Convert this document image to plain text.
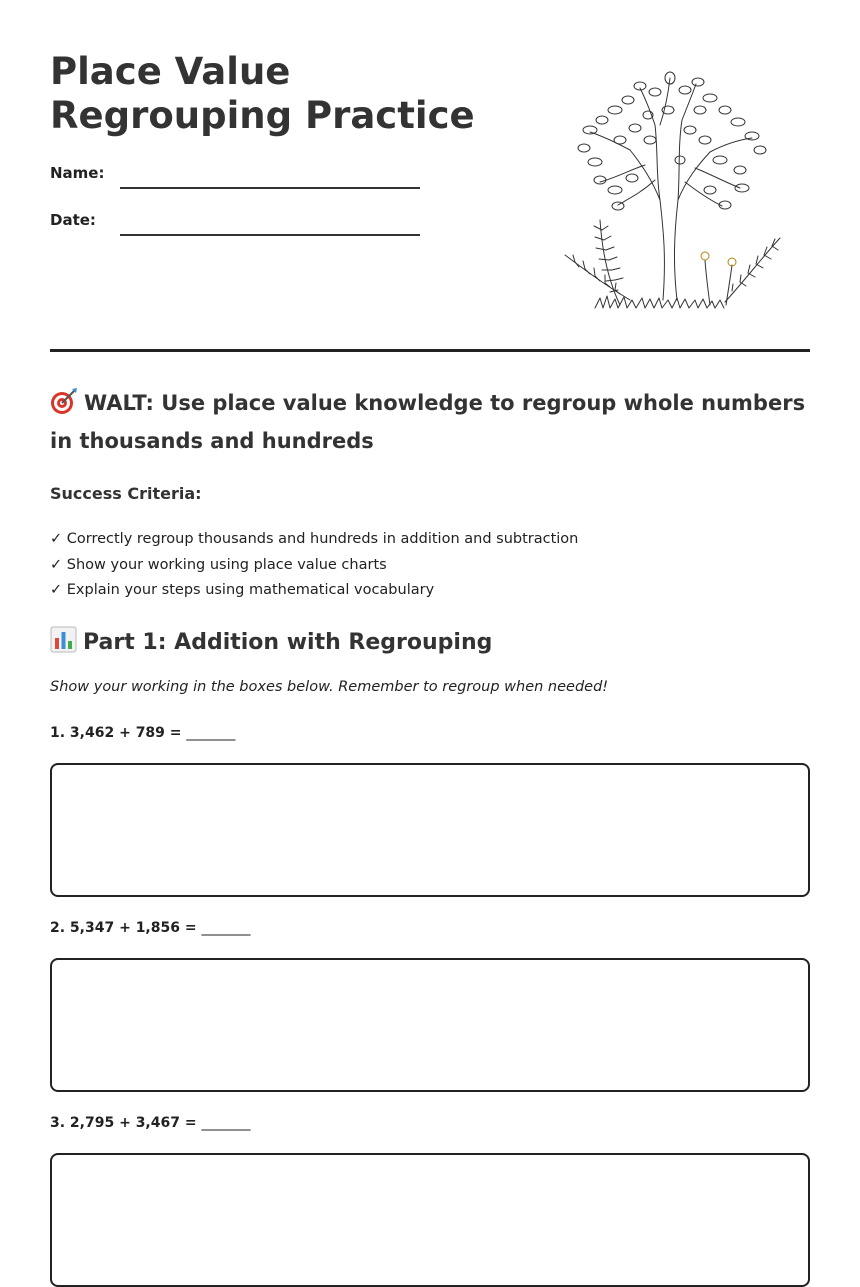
Place Value Regrouping Practice
Name:
Date:
WALT: Use place value knowledge to regroup whole numbers in thousands and hundreds
Success Criteria:
✓ Correctly regroup thousands and hundreds in addition and subtraction
✓ Show your working using place value charts
✓ Explain your steps using mathematical vocabulary
Part 1: Addition with Regrouping
Show your working in the boxes below. Remember to regroup when needed!
1. 3,462 + 789 = _______
2. 5,347 + 1,856 = _______
3. 2,795 + 3,467 = _______
